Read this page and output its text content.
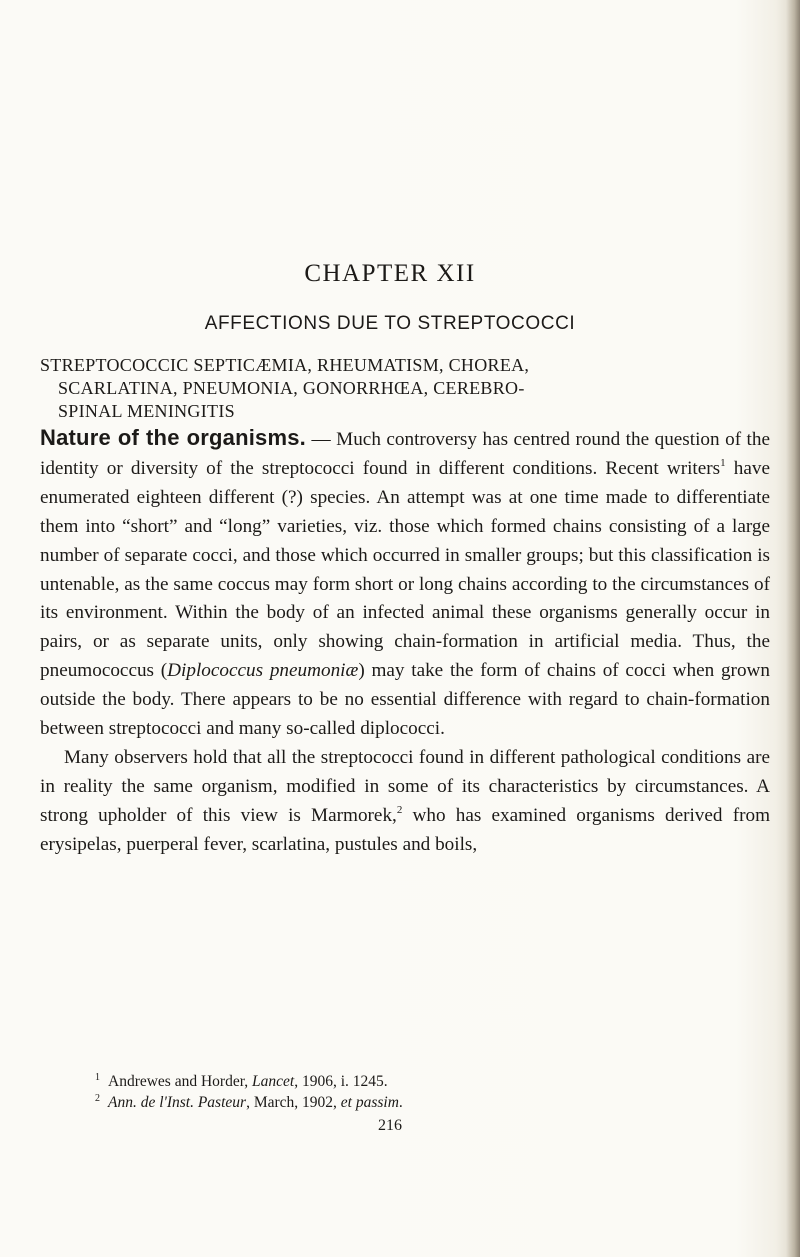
CHAPTER XII
AFFECTIONS DUE TO STREPTOCOCCI
STREPTOCOCCIC SEPTICÆMIA, RHEUMATISM, CHOREA,
SCARLATINA, PNEUMONIA, GONORRHŒA, CEREBRO-
SPINAL MENINGITIS

Nature of the organisms. — Much controversy has centred round the question of the identity or diversity of the streptococci found in different conditions. Recent writers$^1$ have enumerated eighteen different (?) species. An attempt was at one time made to differentiate them into “short” and “long” varieties, viz. those which formed chains consisting of a large number of separate cocci, and those which occurred in smaller groups; but this classification is untenable, as the same coccus may form short or long chains according to the circumstances of its environment. Within the body of an infected animal these organisms generally occur in pairs, or as separate units, only showing chain-formation in artificial media. Thus, the pneumococcus (Diplococcus pneumoniæ) may take the form of chains of cocci when grown outside the body. There appears to be no essential difference with regard to chain-formation between streptococci and many so-called diplococci.

Many observers hold that all the streptococci found in different pathological conditions are in reality the same organism, modified in some of its characteristics by circumstances. A strong upholder of this view is Marmorek,$^2$ who has examined organisms derived from erysipelas, puerperal fever, scarlatina, pustules and boils,

$^1$ Andrewes and Horder, Lancet, 1906, i. 1245.
$^2$ Ann. de l'Inst. Pasteur, March, 1902, et passim.
216
